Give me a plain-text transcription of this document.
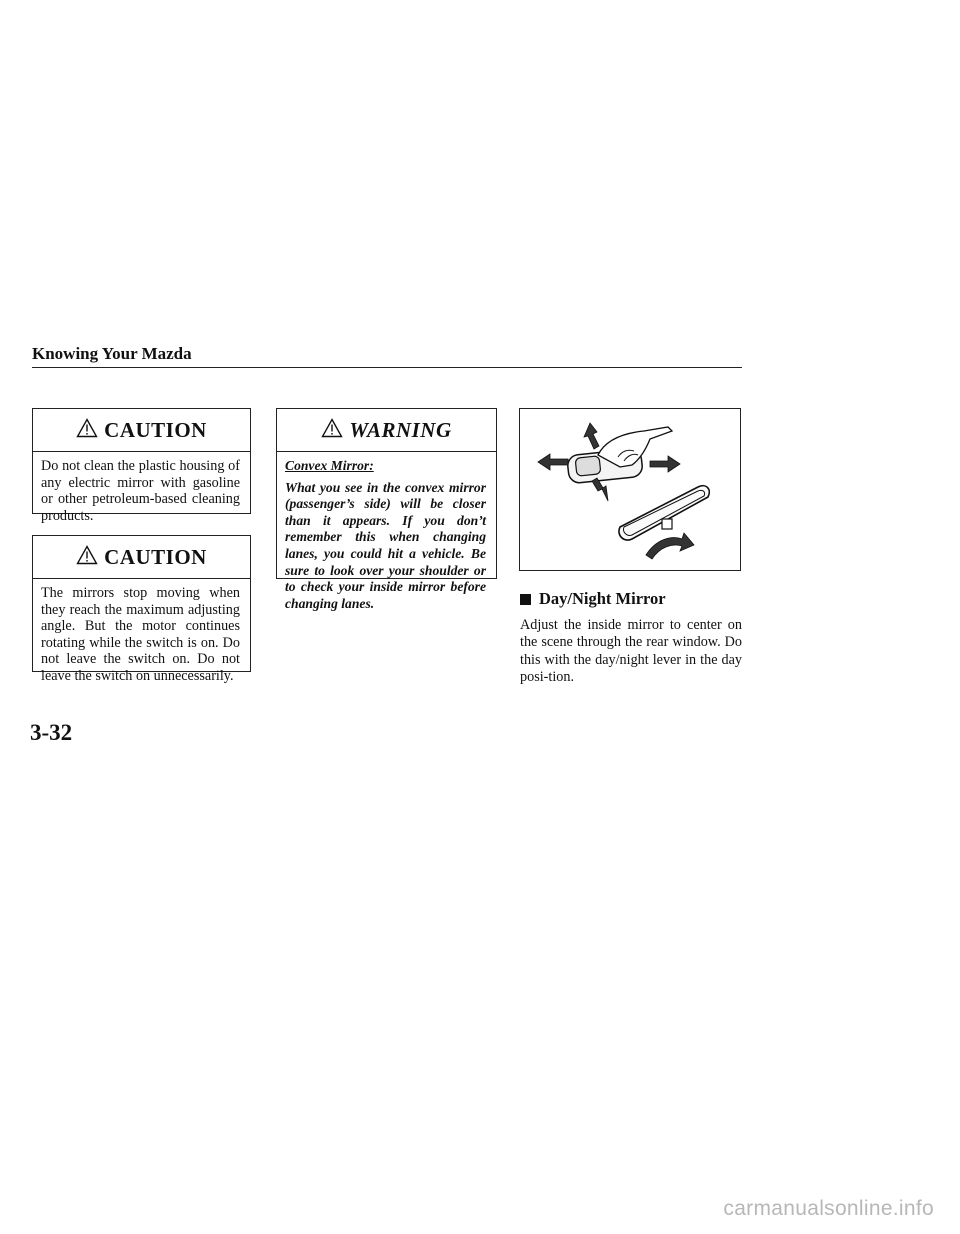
Knowing Your Mazda
CAUTION
Do not clean the plastic housing of any electric mirror with gasoline or other petroleum-based cleaning products.
CAUTION
The mirrors stop moving when they reach the maximum adjusting angle. But the motor continues rotating while the switch is on. Do not leave the switch on. Do not leave the switch on unnecessarily.
WARNING
Convex Mirror:
What you see in the convex mirror (passenger’s side) will be closer than it appears. If you don’t remember this when changing lanes, you could hit a vehicle. Be sure to look over your shoulder or to check your inside mirror before changing lanes.	Day/Night Mirror
Adjust the inside mirror to center on the scene through the rear window. Do this with the day/night lever in the day posi-tion.
3-32
carmanualsonline.info
